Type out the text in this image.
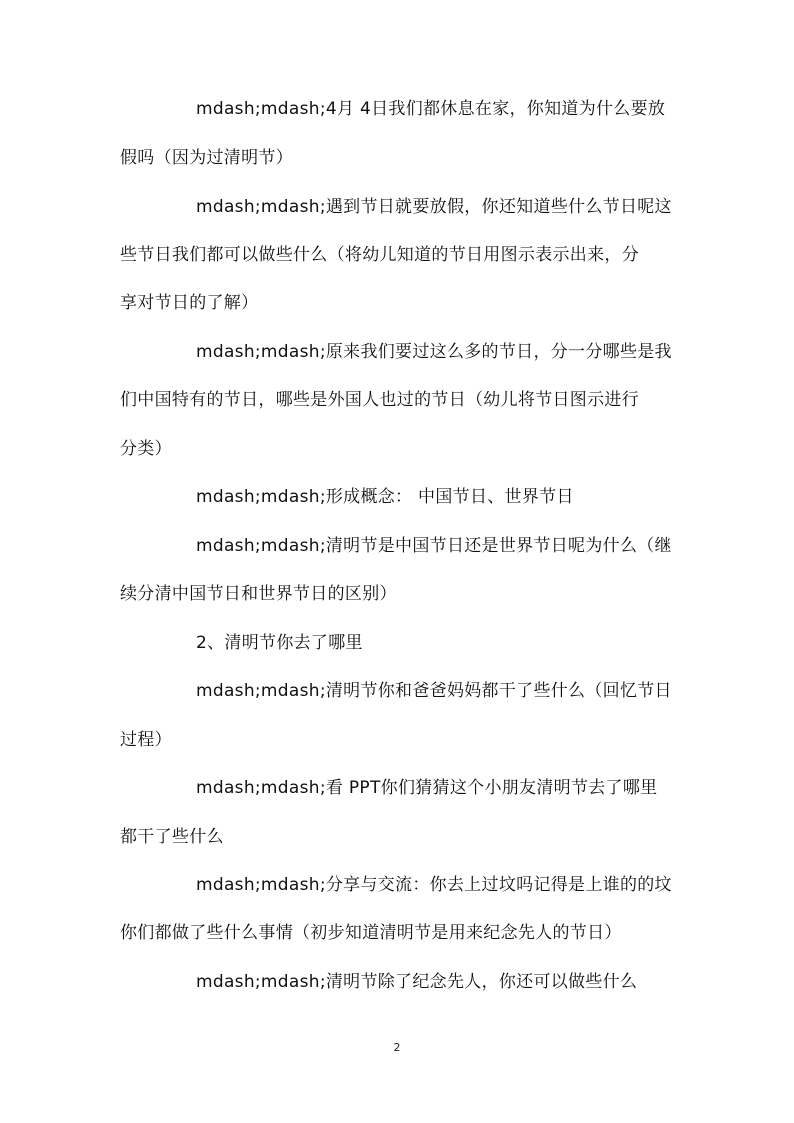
mdash;mdash;4月 4日我们都休息在家，你知道为什么要放
假吗（因为过清明节）
mdash;mdash;遇到节日就要放假，你还知道些什么节日呢这
些节日我们都可以做些什么（将幼儿知道的节日用图示表示出来，分
享对节日的了解）
mdash;mdash;原来我们要过这么多的节日，分一分哪些是我
们中国特有的节日，哪些是外国人也过的节日（幼儿将节日图示进行
分类）
mdash;mdash;形成概念： 中国节日、世界节日
mdash;mdash;清明节是中国节日还是世界节日呢为什么（继
续分清中国节日和世界节日的区别）
2、清明节你去了哪里
mdash;mdash;清明节你和爸爸妈妈都干了些什么（回忆节日
过程）
mdash;mdash;看 PPT你们猜猜这个小朋友清明节去了哪里
都干了些什么
mdash;mdash;分享与交流：你去上过坟吗记得是上谁的的坟
你们都做了些什么事情（初步知道清明节是用来纪念先人的节日）
mdash;mdash;清明节除了纪念先人，你还可以做些什么
2
